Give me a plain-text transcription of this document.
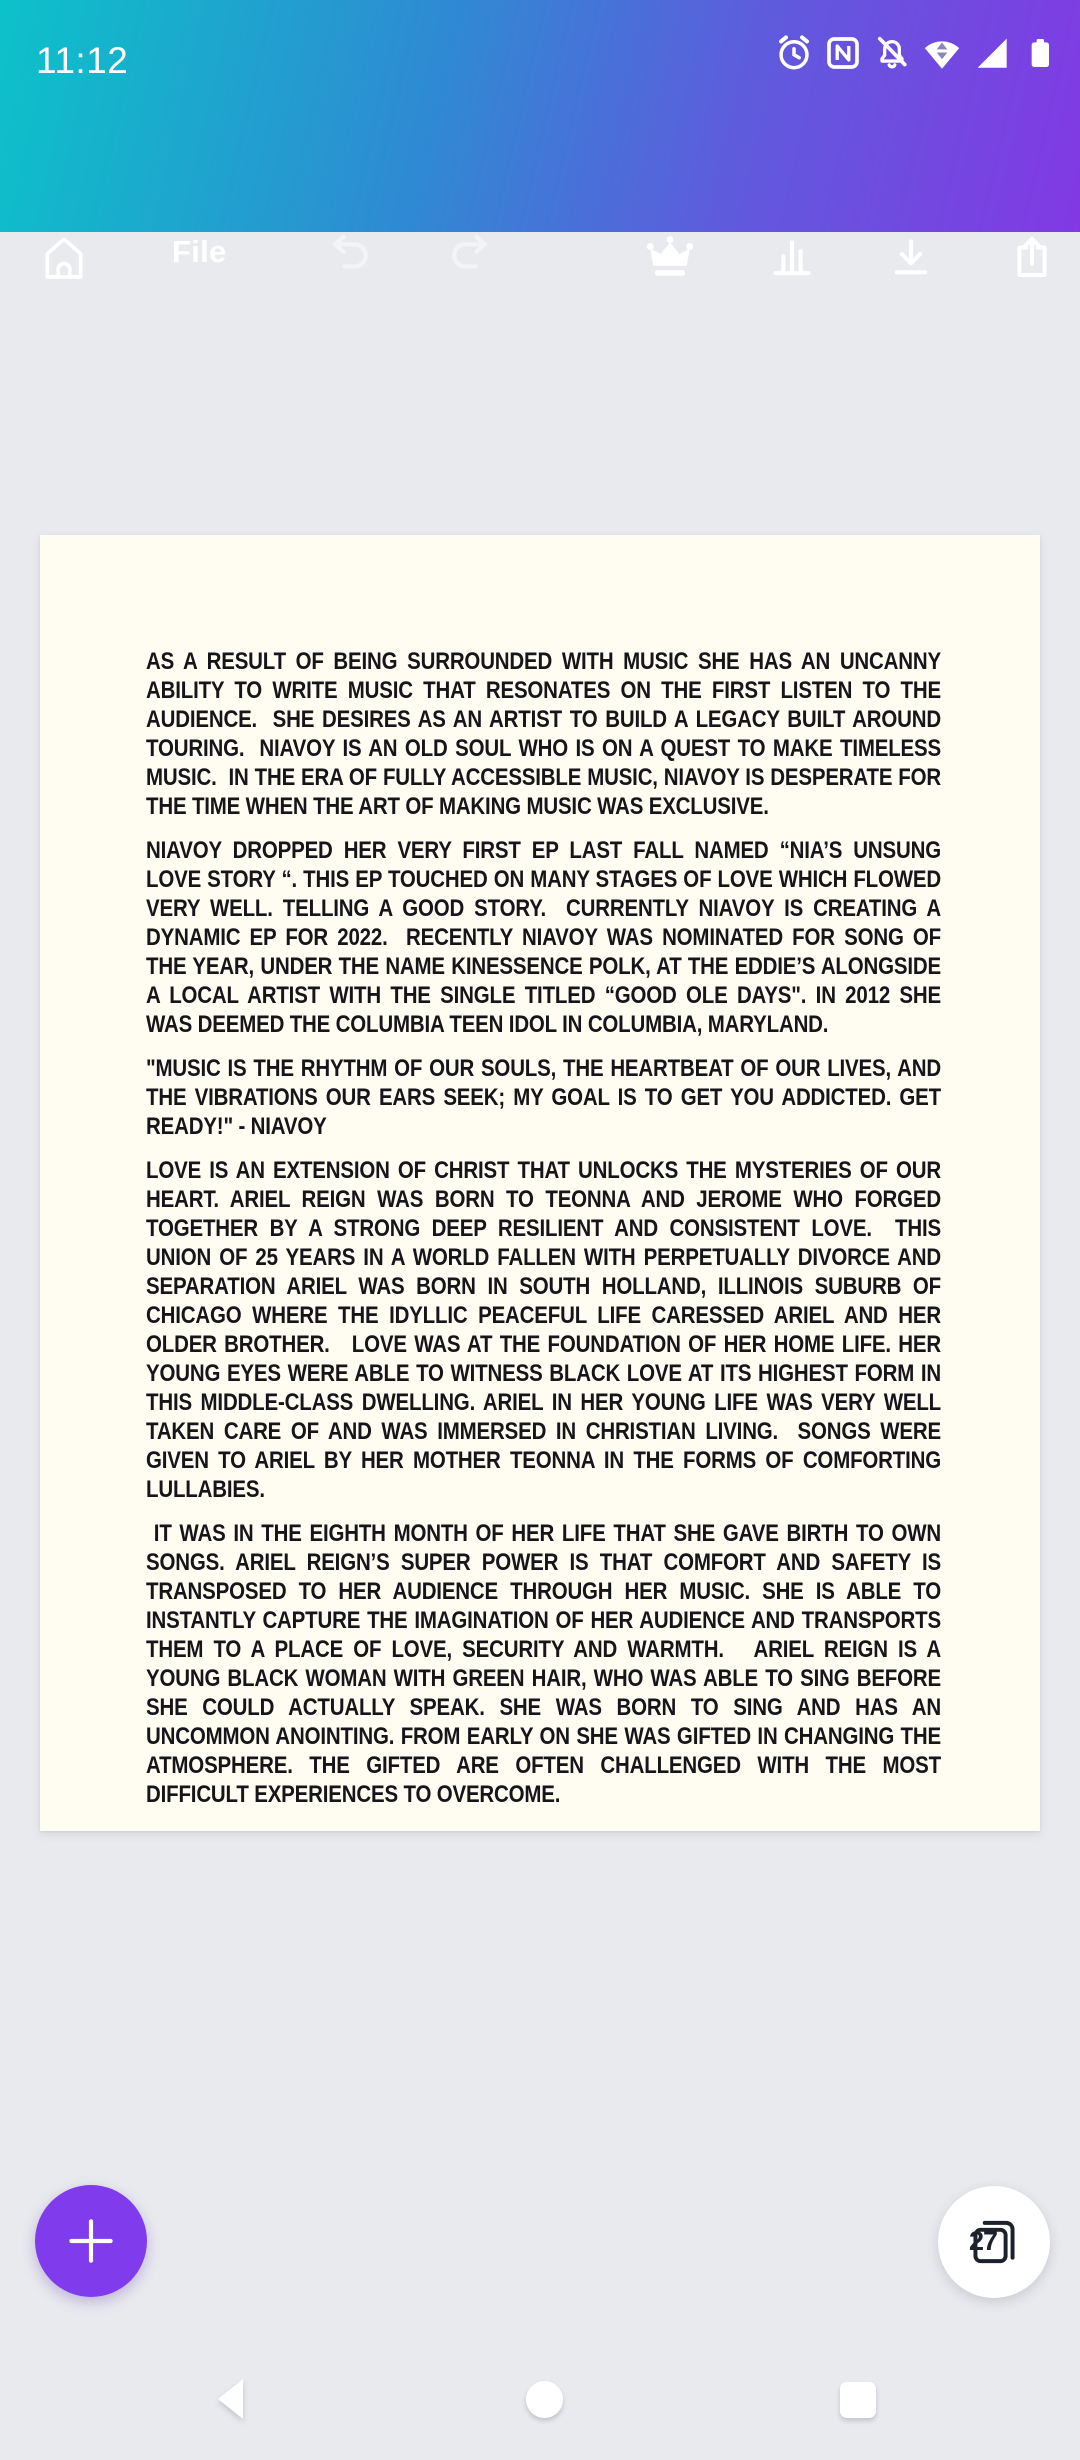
11:12
File

AS A RESULT OF BEING SURROUNDED WITH MUSIC SHE HAS AN UNCANNY ABILITY TO WRITE MUSIC THAT RESONATES ON THE FIRST LISTEN TO THE AUDIENCE.  SHE DESIRES AS AN ARTIST TO BUILD A LEGACY BUILT AROUND TOURING.  NIAVOY IS AN OLD SOUL WHO IS ON A QUEST TO MAKE TIMELESS MUSIC.  IN THE ERA OF FULLY ACCESSIBLE MUSIC, NIAVOY IS DESPERATE FOR THE TIME WHEN THE ART OF MAKING MUSIC WAS EXCLUSIVE.

NIAVOY DROPPED HER VERY FIRST EP LAST FALL NAMED “NIA’S UNSUNG LOVE STORY “. THIS EP TOUCHED ON MANY STAGES OF LOVE WHICH FLOWED VERY WELL. TELLING A GOOD STORY.  CURRENTLY NIAVOY IS CREATING A DYNAMIC EP FOR 2022.  RECENTLY NIAVOY WAS NOMINATED FOR SONG OF THE YEAR, UNDER THE NAME KINESSENCE POLK, AT THE EDDIE’S ALONGSIDE A LOCAL ARTIST WITH THE SINGLE TITLED “GOOD OLE DAYS". IN 2012 SHE WAS DEEMED THE COLUMBIA TEEN IDOL IN COLUMBIA, MARYLAND.

"MUSIC IS THE RHYTHM OF OUR SOULS, THE HEARTBEAT OF OUR LIVES, AND THE VIBRATIONS OUR EARS SEEK; MY GOAL IS TO GET YOU ADDICTED. GET READY!" - NIAVOY

LOVE IS AN EXTENSION OF CHRIST THAT UNLOCKS THE MYSTERIES OF OUR HEART. ARIEL REIGN WAS BORN TO TEONNA AND JEROME WHO FORGED TOGETHER BY A STRONG DEEP RESILIENT AND CONSISTENT LOVE.  THIS UNION OF 25 YEARS IN A WORLD FALLEN WITH PERPETUALLY DIVORCE AND SEPARATION ARIEL WAS BORN IN SOUTH HOLLAND, ILLINOIS SUBURB OF CHICAGO WHERE THE IDYLLIC PEACEFUL LIFE CARESSED ARIEL AND HER OLDER BROTHER.   LOVE WAS AT THE FOUNDATION OF HER HOME LIFE. HER YOUNG EYES WERE ABLE TO WITNESS BLACK LOVE AT ITS HIGHEST FORM IN THIS MIDDLE-CLASS DWELLING. ARIEL IN HER YOUNG LIFE WAS VERY WELL TAKEN CARE OF AND WAS IMMERSED IN CHRISTIAN LIVING.  SONGS WERE GIVEN TO ARIEL BY HER MOTHER TEONNA IN THE FORMS OF COMFORTING LULLABIES.

IT WAS IN THE EIGHTH MONTH OF HER LIFE THAT SHE GAVE BIRTH TO OWN SONGS. ARIEL REIGN’S SUPER POWER IS THAT COMFORT AND SAFETY IS TRANSPOSED TO HER AUDIENCE THROUGH HER MUSIC. SHE IS ABLE TO INSTANTLY CAPTURE THE IMAGINATION OF HER AUDIENCE AND TRANSPORTS THEM TO A PLACE OF LOVE, SECURITY AND WARMTH.   ARIEL REIGN IS A YOUNG BLACK WOMAN WITH GREEN HAIR, WHO WAS ABLE TO SING BEFORE SHE COULD ACTUALLY SPEAK. SHE WAS BORN TO SING AND HAS AN UNCOMMON ANOINTING. FROM EARLY ON SHE WAS GIFTED IN CHANGING THE ATMOSPHERE. THE GIFTED ARE OFTEN CHALLENGED WITH THE MOST DIFFICULT EXPERIENCES TO OVERCOME.

27
